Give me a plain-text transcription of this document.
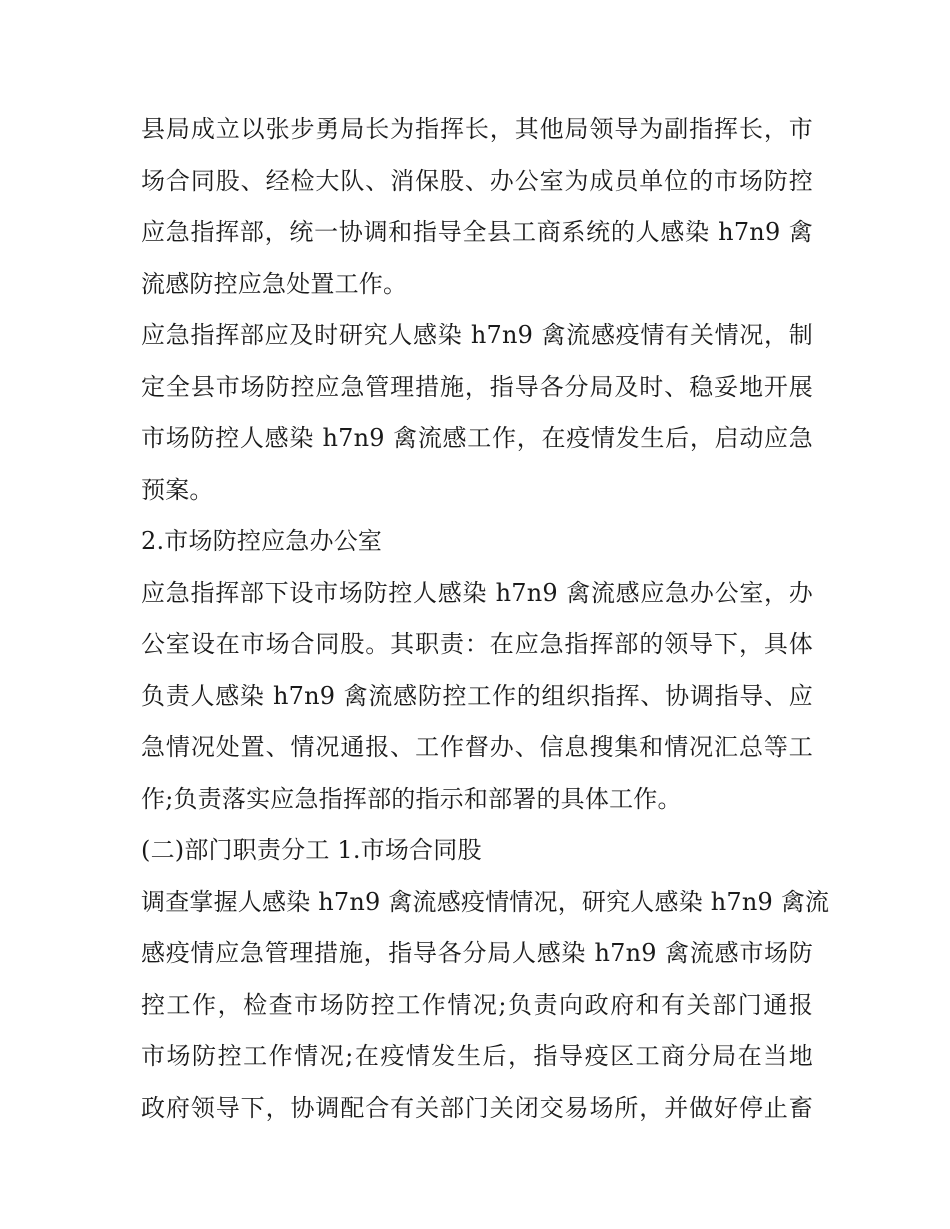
县局成立以张步勇局长为指挥长，其他局领导为副指挥长，市
场合同股、经检大队、消保股、办公室为成员单位的市场防控
应急指挥部，统一协调和指导全县工商系统的人感染 h7n9 禽
流感防控应急处置工作。
应急指挥部应及时研究人感染 h7n9 禽流感疫情有关情况，制
定全县市场防控应急管理措施，指导各分局及时、稳妥地开展
市场防控人感染 h7n9 禽流感工作，在疫情发生后，启动应急
预案。
2.市场防控应急办公室
应急指挥部下设市场防控人感染 h7n9 禽流感应急办公室，办
公室设在市场合同股。其职责：在应急指挥部的领导下，具体
负责人感染 h7n9 禽流感防控工作的组织指挥、协调指导、应
急情况处置、情况通报、工作督办、信息搜集和情况汇总等工
作;负责落实应急指挥部的指示和部署的具体工作。
(二)部门职责分工 1.市场合同股
调查掌握人感染 h7n9 禽流感疫情情况，研究人感染 h7n9 禽流
感疫情应急管理措施，指导各分局人感染 h7n9 禽流感市场防
控工作，检查市场防控工作情况;负责向政府和有关部门通报
市场防控工作情况;在疫情发生后，指导疫区工商分局在当地
政府领导下，协调配合有关部门关闭交易场所，并做好停止畜
